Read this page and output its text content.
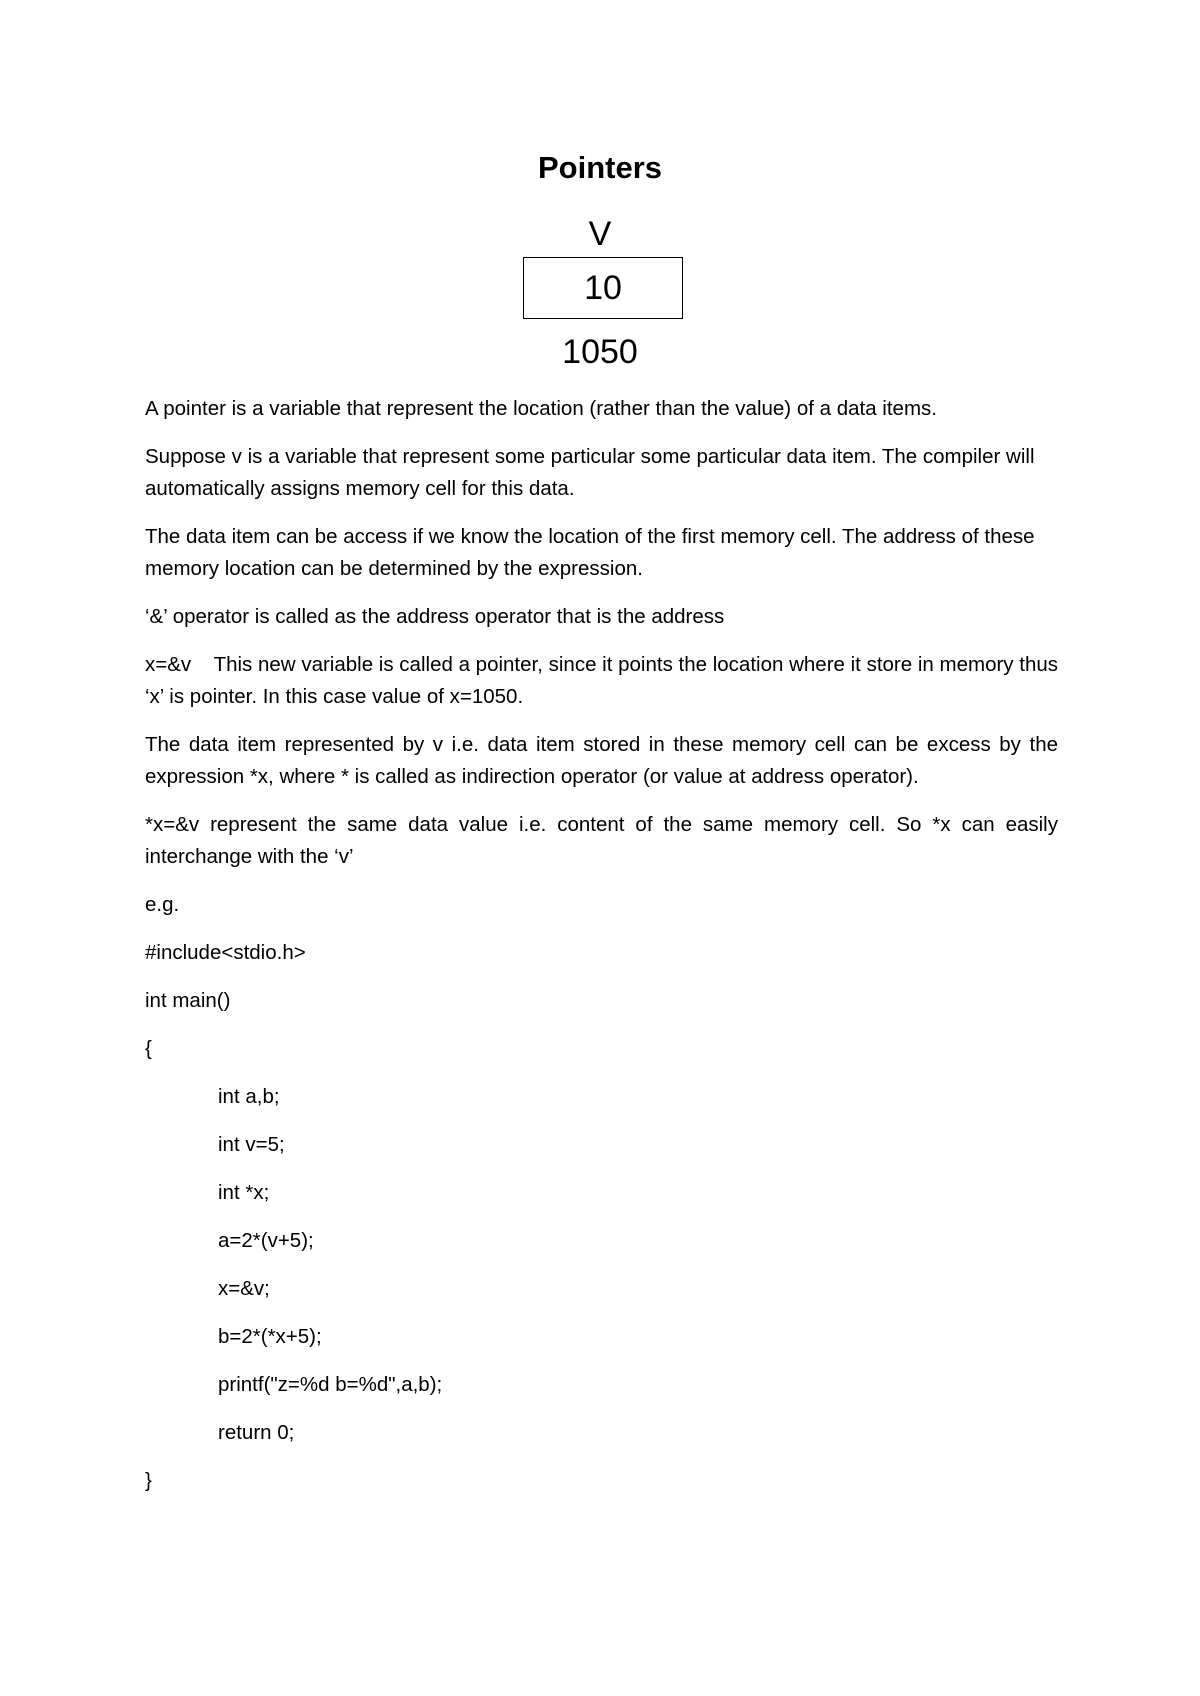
Pointers
V
10
1050

A pointer is a variable that represent the location (rather than the value) of a data items.

Suppose v is a variable that represent some particular some particular data item. The compiler will automatically assigns memory cell for this data.

The data item can be access if we know the location of the first memory cell. The address of these memory location can be determined by the expression.

‘&’ operator is called as the address operator that is the address

x=&v    This new variable is called a pointer, since it points the location where it store in memory thus ‘x’ is pointer. In this case value of x=1050.

The data item represented by v i.e. data item stored in these memory cell can be excess by the expression *x, where * is called as indirection operator (or value at address operator).

*x=&v represent the same data value i.e. content of the same memory cell. So *x can easily interchange with the ‘v’

e.g.

#include<stdio.h>
int main()
{
int a,b;
int v=5;
int *x;
a=2*(v+5);
x=&v;
b=2*(*x+5);
printf("z=%d b=%d",a,b);
return 0;
}
